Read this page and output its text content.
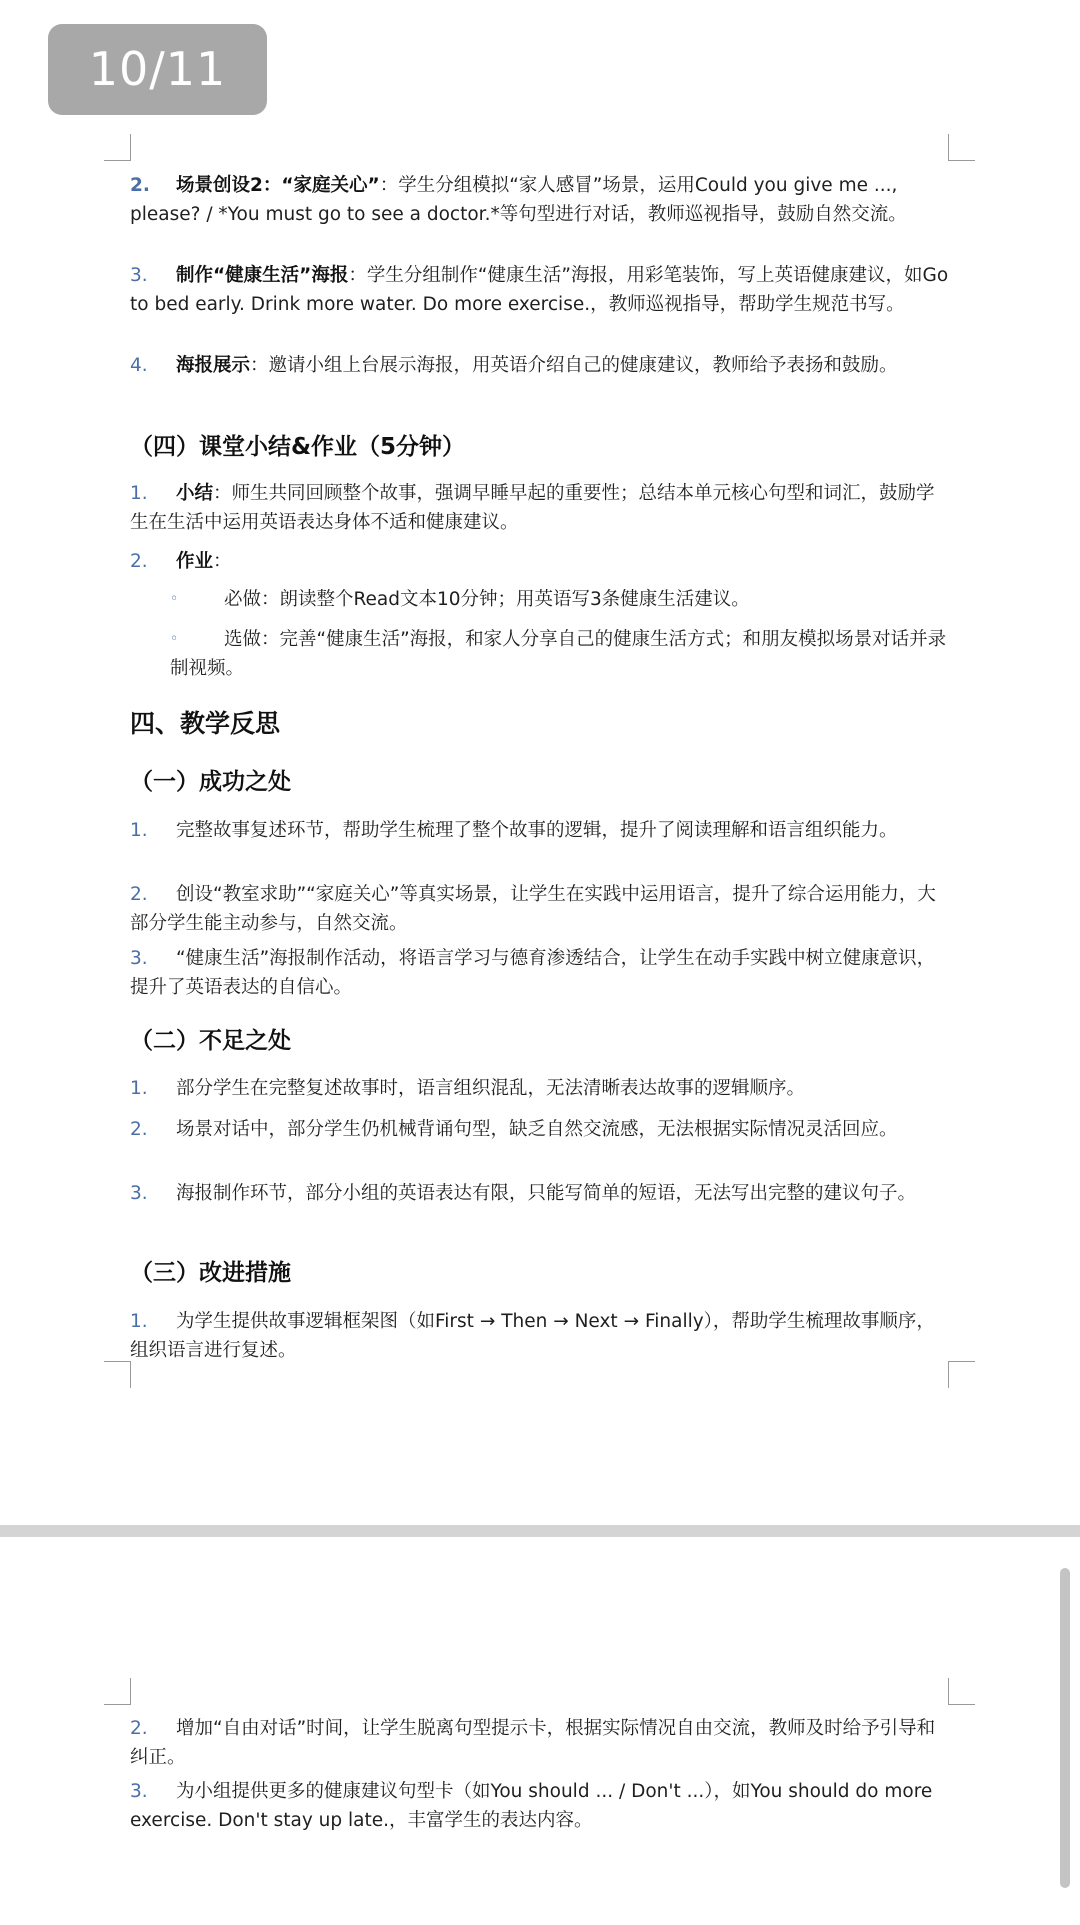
2. 场景创设2：“家庭关心”：学生分组模拟“家人感冒”场景，运用Could you give me ..., please? / *You must go to see a doctor.*等句型进行对话，教师巡视指导，鼓励自然交流。
3. 制作“健康生活”海报：学生分组制作“健康生活”海报，用彩笔装饰，写上英语健康建议，如Go to bed early. Drink more water. Do more exercise.，教师巡视指导，帮助学生规范书写。
4. 海报展示：邀请小组上台展示海报，用英语介绍自己的健康建议，教师给予表扬和鼓励。
（四）课堂小结&作业（5分钟）
1. 小结：师生共同回顾整个故事，强调早睡早起的重要性；总结本单元核心句型和词汇，鼓励学生在生活中运用英语表达身体不适和健康建议。
2. 作业：
◦ 必做：朗读整个Read文本10分钟；用英语写3条健康生活建议。
◦ 选做：完善“健康生活”海报，和家人分享自己的健康生活方式；和朋友模拟场景对话并录制视频。
四、教学反思
（一）成功之处
1. 完整故事复述环节，帮助学生梳理了整个故事的逻辑，提升了阅读理解和语言组织能力。
2. 创设“教室求助”“家庭关心”等真实场景，让学生在实践中运用语言，提升了综合运用能力，大部分学生能主动参与，自然交流。
3. “健康生活”海报制作活动，将语言学习与德育渗透结合，让学生在动手实践中树立健康意识，提升了英语表达的自信心。
（二）不足之处
1. 部分学生在完整复述故事时，语言组织混乱，无法清晰表达故事的逻辑顺序。
2. 场景对话中，部分学生仍机械背诵句型，缺乏自然交流感，无法根据实际情况灵活回应。
3. 海报制作环节，部分小组的英语表达有限，只能写简单的短语，无法写出完整的建议句子。
（三）改进措施
1. 为学生提供故事逻辑框架图（如First → Then → Next → Finally），帮助学生梳理故事顺序，组织语言进行复述。
2. 增加“自由对话”时间，让学生脱离句型提示卡，根据实际情况自由交流，教师及时给予引导和纠正。
3. 为小组提供更多的健康建议句型卡（如You should ... / Don't ...），如You should do more exercise. Don't stay up late.，丰富学生的表达内容。
10/11
